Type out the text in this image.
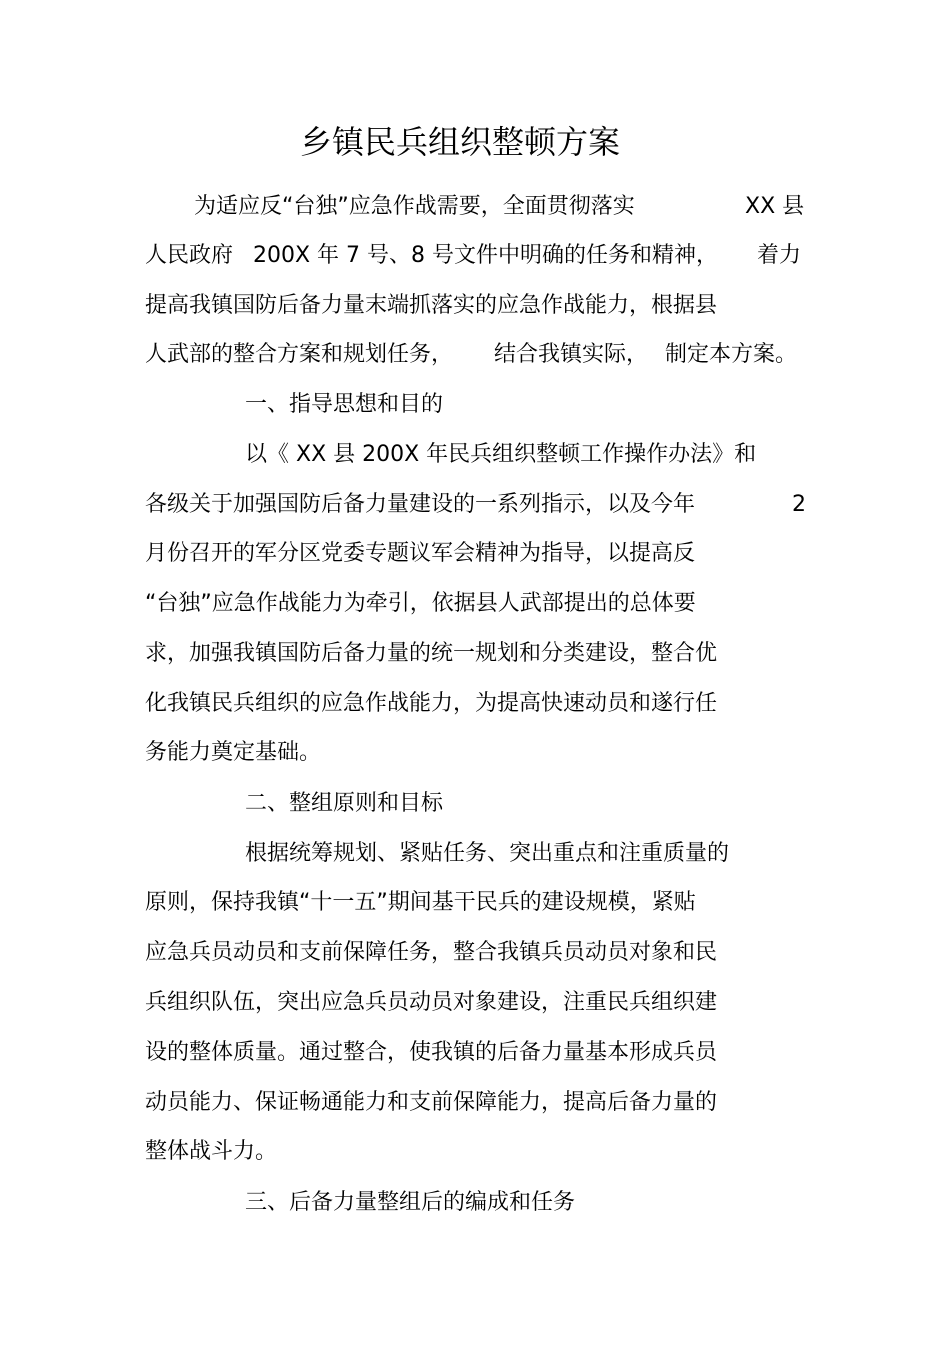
乡镇民兵组织整顿方案
为适应反“台独”应急作战需要，全面贯彻落实	XX 县
人民政府 200X 年 7 号、8 号文件中明确的任务和精神， 着力
提高我镇国防后备力量末端抓落实的应急作战能力，根据县
人武部的整合方案和规划任务， 结合我镇实际， 制定本方案。
一、指导思想和目的
以《 XX 县 200X 年民兵组织整顿工作操作办法》和
各级关于加强国防后备力量建设的一系列指示，以及今年	2
月份召开的军分区党委专题议军会精神为指导，以提高反
“台独”应急作战能力为牵引，依据县人武部提出的总体要
求，加强我镇国防后备力量的统一规划和分类建设，整合优
化我镇民兵组织的应急作战能力，为提高快速动员和遂行任
务能力奠定基础。
二、整组原则和目标
根据统筹规划、紧贴任务、突出重点和注重质量的
原则，保持我镇“十一五”期间基干民兵的建设规模，紧贴
应急兵员动员和支前保障任务，整合我镇兵员动员对象和民
兵组织队伍，突出应急兵员动员对象建设，注重民兵组织建
设的整体质量。通过整合，使我镇的后备力量基本形成兵员
动员能力、保证畅通能力和支前保障能力，提高后备力量的
整体战斗力。
三、后备力量整组后的编成和任务
